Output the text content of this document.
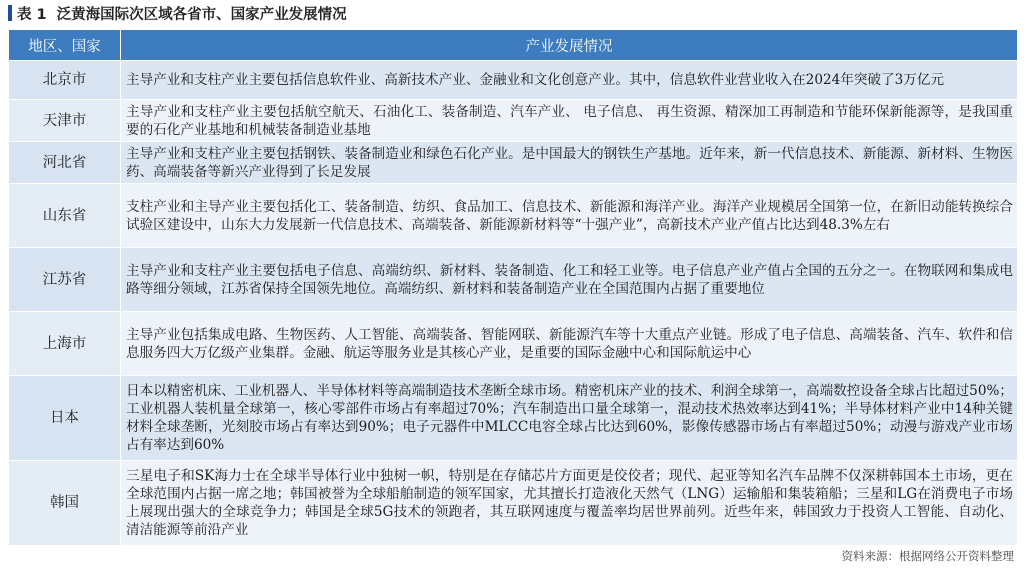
表 1 泛黄海国际次区域各省市、国家产业发展情况
地区、国家	产业发展情况
北京市	主导产业和支柱产业主要包括信息软件业、高新技术产业、金融业和文化创意产业。其中，信息软件业营业收入在2024年突破了3万亿元
天津市	主导产业和支柱产业主要包括航空航天、石油化工、装备制造、汽车产业、 电子信息、 再生资源、精深加工再制造和节能环保新能源等，是我国重要的石化产业基地和机械装备制造业基地
河北省	主导产业和支柱产业主要包括钢铁、装备制造业和绿色石化产业。是中国最大的钢铁生产基地。近年来，新一代信息技术、新能源、新材料、生物医药、高端装备等新兴产业得到了长足发展
山东省	支柱产业和主导产业主要包括化工、装备制造、纺织、食品加工、信息技术、新能源和海洋产业。海洋产业规模居全国第一位，在新旧动能转换综合试验区建设中，山东大力发展新一代信息技术、高端装备、新能源新材料等“十强产业”，高新技术产业产值占比达到48.3%左右
江苏省	主导产业和支柱产业主要包括电子信息、高端纺织、新材料、装备制造、化工和轻工业等。电子信息产业产值占全国的五分之一。在物联网和集成电路等细分领域，江苏省保持全国领先地位。高端纺织、新材料和装备制造产业在全国范围内占据了重要地位
上海市	主导产业包括集成电路、生物医药、人工智能、高端装备、智能网联、新能源汽车等十大重点产业链。形成了电子信息、高端装备、汽车、软件和信息服务四大万亿级产业集群。金融、航运等服务业是其核心产业，是重要的国际金融中心和国际航运中心
日本	日本以精密机床、工业机器人、半导体材料等高端制造技术垄断全球市场。精密机床产业的技术、利润全球第一，高端数控设备全球占比超过50%；工业机器人装机量全球第一，核心零部件市场占有率超过70%；汽车制造出口量全球第一，混动技术热效率达到41%；半导体材料产业中14种关键材料全球垄断，光刻胶市场占有率达到90%；电子元器件中MLCC电容全球占比达到60%，影像传感器市场占有率超过50%；动漫与游戏产业市场占有率达到60%
韩国	三星电子和SK海力士在全球半导体行业中独树一帜，特别是在存储芯片方面更是佼佼者；现代、起亚等知名汽车品牌不仅深耕韩国本土市场，更在全球范围内占据一席之地；韩国被誉为全球船舶制造的领军国家，尤其擅长打造液化天然气（LNG）运输船和集装箱船；三星和LG在消费电子市场上展现出强大的全球竞争力；韩国是全球5G技术的领跑者，其互联网速度与覆盖率均居世界前列。近些年来，韩国致力于投资人工智能、自动化、清洁能源等前沿产业
资料来源：根据网络公开资料整理
